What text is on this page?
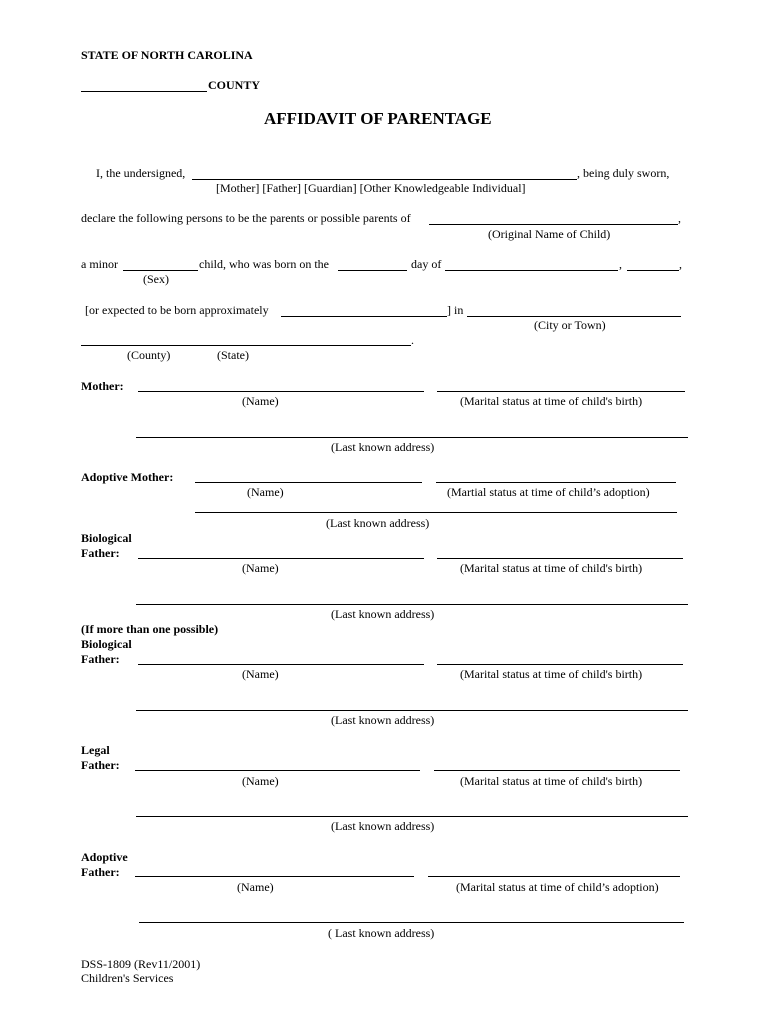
STATE OF NORTH CAROLINA
COUNTY
AFFIDAVIT OF PARENTAGE
I, the undersigned,	, being duly sworn,
[Mother] [Father] [Guardian] [Other Knowledgeable Individual]
declare the following persons to be the parents or possible parents of	,
(Original Name of Child)
a minor	child, who was born on the	day of	,	,
(Sex)
[or expected to be born approximately	] in
(City or Town)
.
(County)	(State)
Mother:
(Name)	(Marital status at time of child's birth)
(Last known address)
Adoptive Mother:
(Name)	(Martial status at time of child’s adoption)
(Last known address)
Biological
Father:
(Name)	(Marital status at time of child's birth)
(Last known address)
(If more than one possible)
Biological
Father:
(Name)	(Marital status at time of child's birth)
(Last known address)
Legal
Father:
(Name)	(Marital status at time of child's birth)
(Last known address)
Adoptive
Father:
(Name)	(Marital status at time of child’s adoption)
( Last known address)
DSS-1809 (Rev11/2001)
Children's Services
